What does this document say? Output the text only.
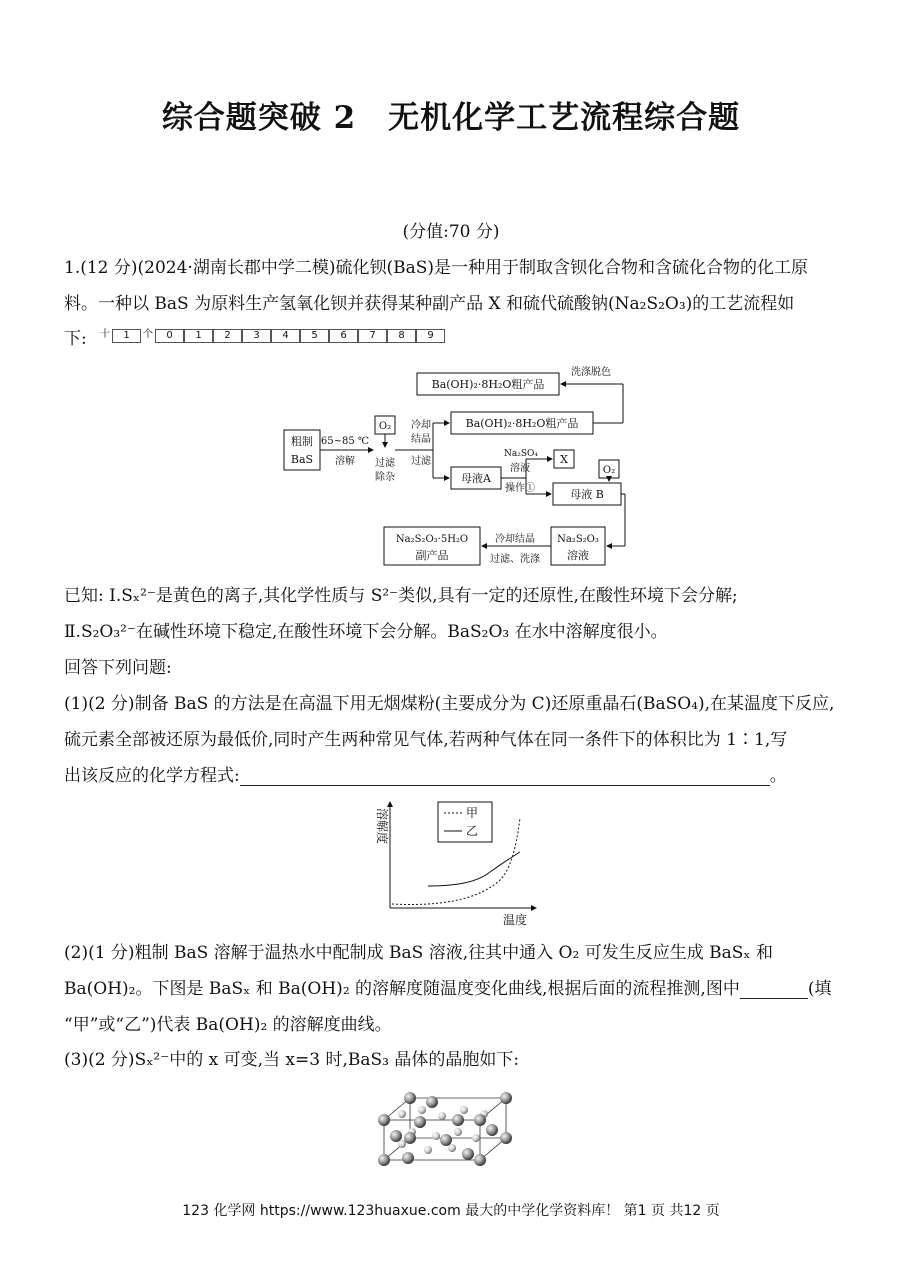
综合题突破 2　无机化学工艺流程综合题
(分值:70 分)
1.(12 分)(2024·湖南长郡中学二模)硫化钡(BaS)是一种用于制取含钡化合物和含硫化合物的化工原
料。一种以 BaS 为原料生产氢氧化钡并获得某种副产品 X 和硫代硫酸钠(Na₂S₂O₃)的工艺流程如
下: 十	1	个	0	1	2	3	4	5	6	7	8	9
粗制
BaS
65~85 ℃
溶解
O₂
过滤
除杂
冷却
结晶
过滤
Ba(OH)₂·8H₂O粗产品
Ba(OH)₂·8H₂O粗产品
洗涤脱色
母液A
Na₂SO₄
溶液
操作①
X
O₂
母液 B
Na₂S₂O₃
溶液
冷却结晶
过滤、洗涤
Na₂S₂O₃·5H₂O
副产品
已知: Ⅰ.Sₓ²⁻是黄色的离子,其化学性质与 S²⁻类似,具有一定的还原性,在酸性环境下会分解;
Ⅱ.S₂O₃²⁻在碱性环境下稳定,在酸性环境下会分解。BaS₂O₃ 在水中溶解度很小。
回答下列问题:
(1)(2 分)制备 BaS 的方法是在高温下用无烟煤粉(主要成分为 C)还原重晶石(BaSO₄),在某温度下反应,
硫元素全部被还原为最低价,同时产生两种常见气体,若两种气体在同一条件下的体积比为 1∶1,写
出该反应的化学方程式:	。
溶解度
温度
甲
乙
(2)(1 分)粗制 BaS 溶解于温热水中配制成 BaS 溶液,往其中通入 O₂ 可发生反应生成 BaSₓ 和
Ba(OH)₂。下图是 BaSₓ 和 Ba(OH)₂ 的溶解度随温度变化曲线,根据后面的流程推测,图中	(填
“甲”或“乙”)代表 Ba(OH)₂ 的溶解度曲线。
(3)(2 分)Sₓ²⁻中的 x 可变,当 x=3 时,BaS₃ 晶体的晶胞如下:
123 化学网 https://www.123huaxue.com 最大的中学化学资料库！ 第1 页 共12 页
